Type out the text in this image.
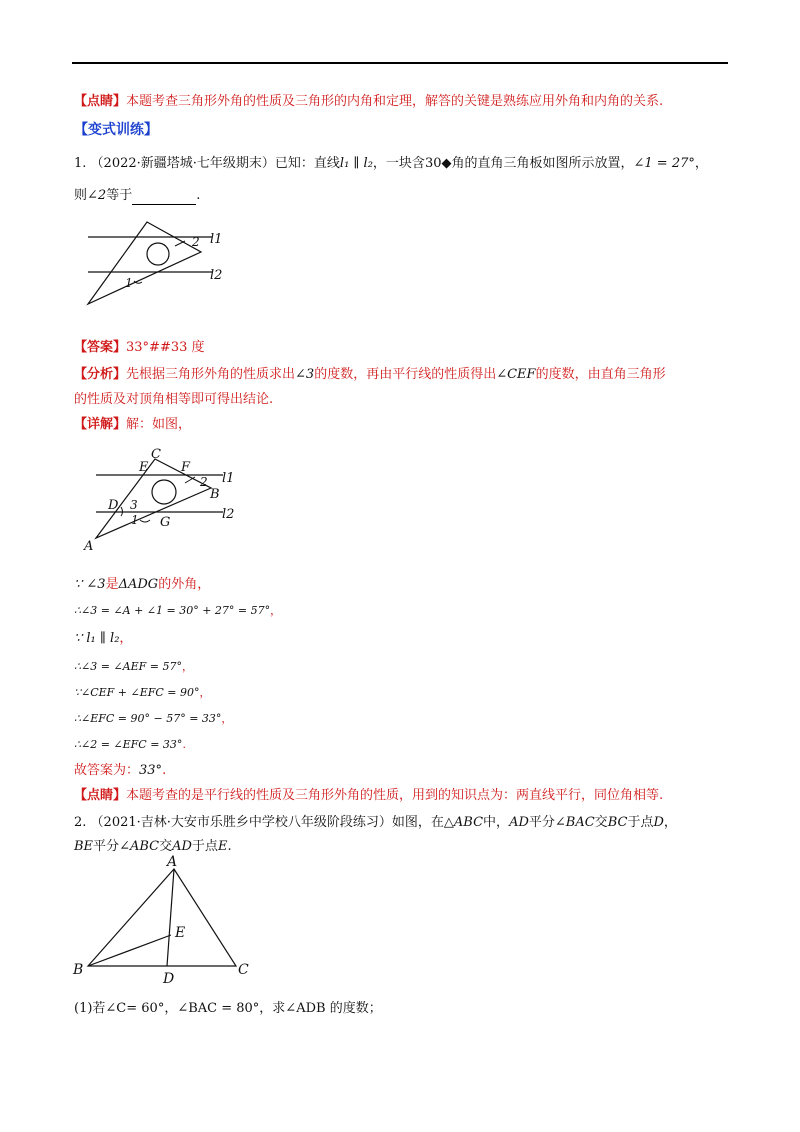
【点睛】本题考查三角形外角的性质及三角形的内角和定理，解答的关键是熟练应用外角和内角的关系.
【变式训练】
1. （2022·新疆塔城·七年级期末）已知：直线l₁ ∥ l₂，一块含30◆角的直角三角板如图所示放置，∠1 = 27°，
则∠2等于	.
l1
l2
2
1
【答案】33°##33 度
【分析】先根据三角形外角的性质求出∠3的度数，再由平行线的性质得出∠CEF的度数，由直角三角形
的性质及对顶角相等即可得出结论.
【详解】解：如图，
C
E	F
l1
2
B
D 3
l2
1 G
A
∵ ∠3是ΔADG的外角，
∴∠3 = ∠A + ∠1 = 30° + 27° = 57°，
∵ l₁ ∥ l₂，
∴∠3 = ∠AEF = 57°，
∵∠CEF + ∠EFC = 90°，
∴∠EFC = 90° − 57° = 33°，
∴∠2 = ∠EFC = 33°.
故答案为：33°.
【点睛】本题考查的是平行线的性质及三角形外角的性质，用到的知识点为：两直线平行，同位角相等.
2. （2021·吉林·大安市乐胜乡中学校八年级阶段练习）如图，在△ABC中，AD平分∠BAC交BC于点D，
BE平分∠ABC交AD于点E.
A
E
B
D
C
(1)若∠C= 60°，∠BAC = 80°，求∠ADB 的度数；
